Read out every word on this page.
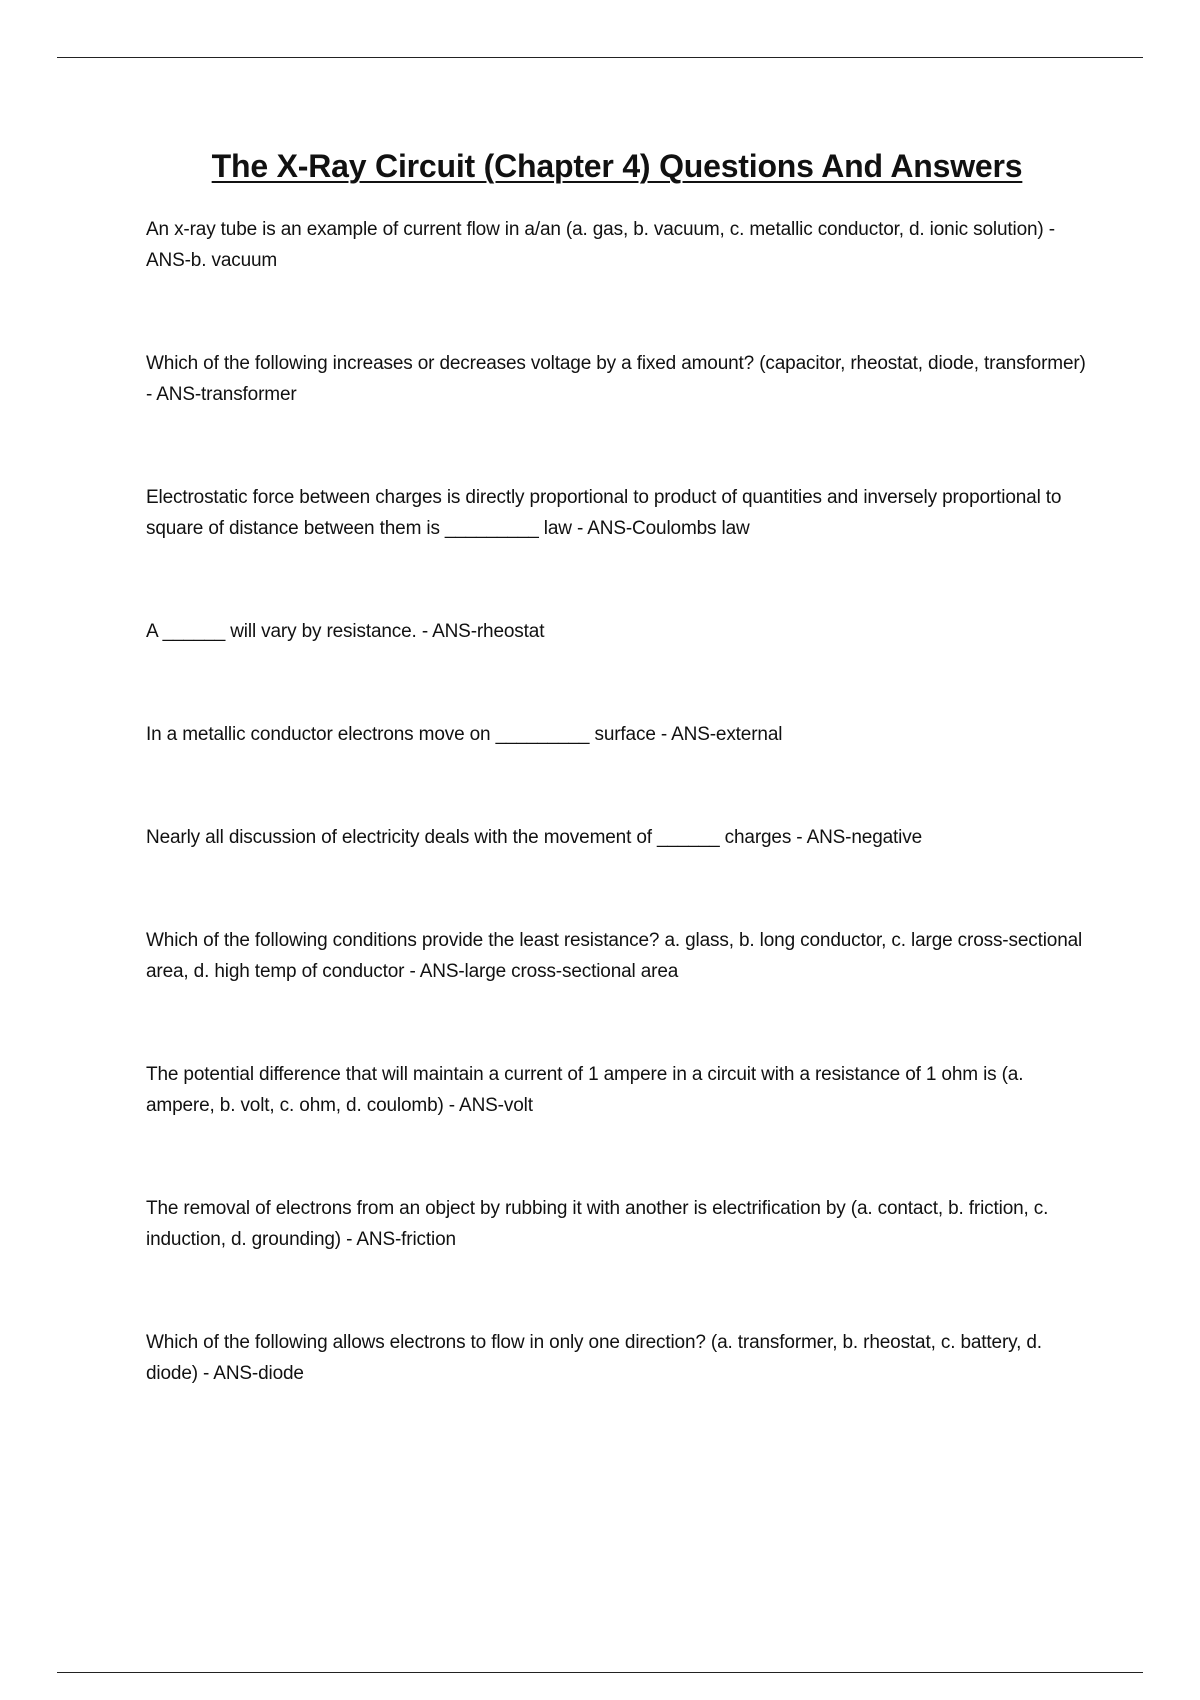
The X-Ray Circuit (Chapter 4) Questions And Answers
An x-ray tube is an example of current flow in a/an (a. gas, b. vacuum, c. metallic conductor, d. ionic solution) - ANS-b. vacuum
Which of the following increases or decreases voltage by a fixed amount? (capacitor, rheostat, diode, transformer) - ANS-transformer
Electrostatic force between charges is directly proportional to product of quantities and inversely proportional to square of distance between them is _________ law - ANS-Coulombs law
A ______ will vary by resistance. - ANS-rheostat
In a metallic conductor electrons move on _________ surface - ANS-external
Nearly all discussion of electricity deals with the movement of ______ charges - ANS-negative
Which of the following conditions provide the least resistance? a. glass, b. long conductor, c. large cross-sectional area, d. high temp of conductor - ANS-large cross-sectional area
The potential difference that will maintain a current of 1 ampere in a circuit with a resistance of 1 ohm is (a. ampere, b. volt, c. ohm, d. coulomb) - ANS-volt
The removal of electrons from an object by rubbing it with another is electrification by (a. contact, b. friction, c. induction, d. grounding) - ANS-friction
Which of the following allows electrons to flow in only one direction? (a. transformer, b. rheostat, c. battery, d. diode) - ANS-diode
